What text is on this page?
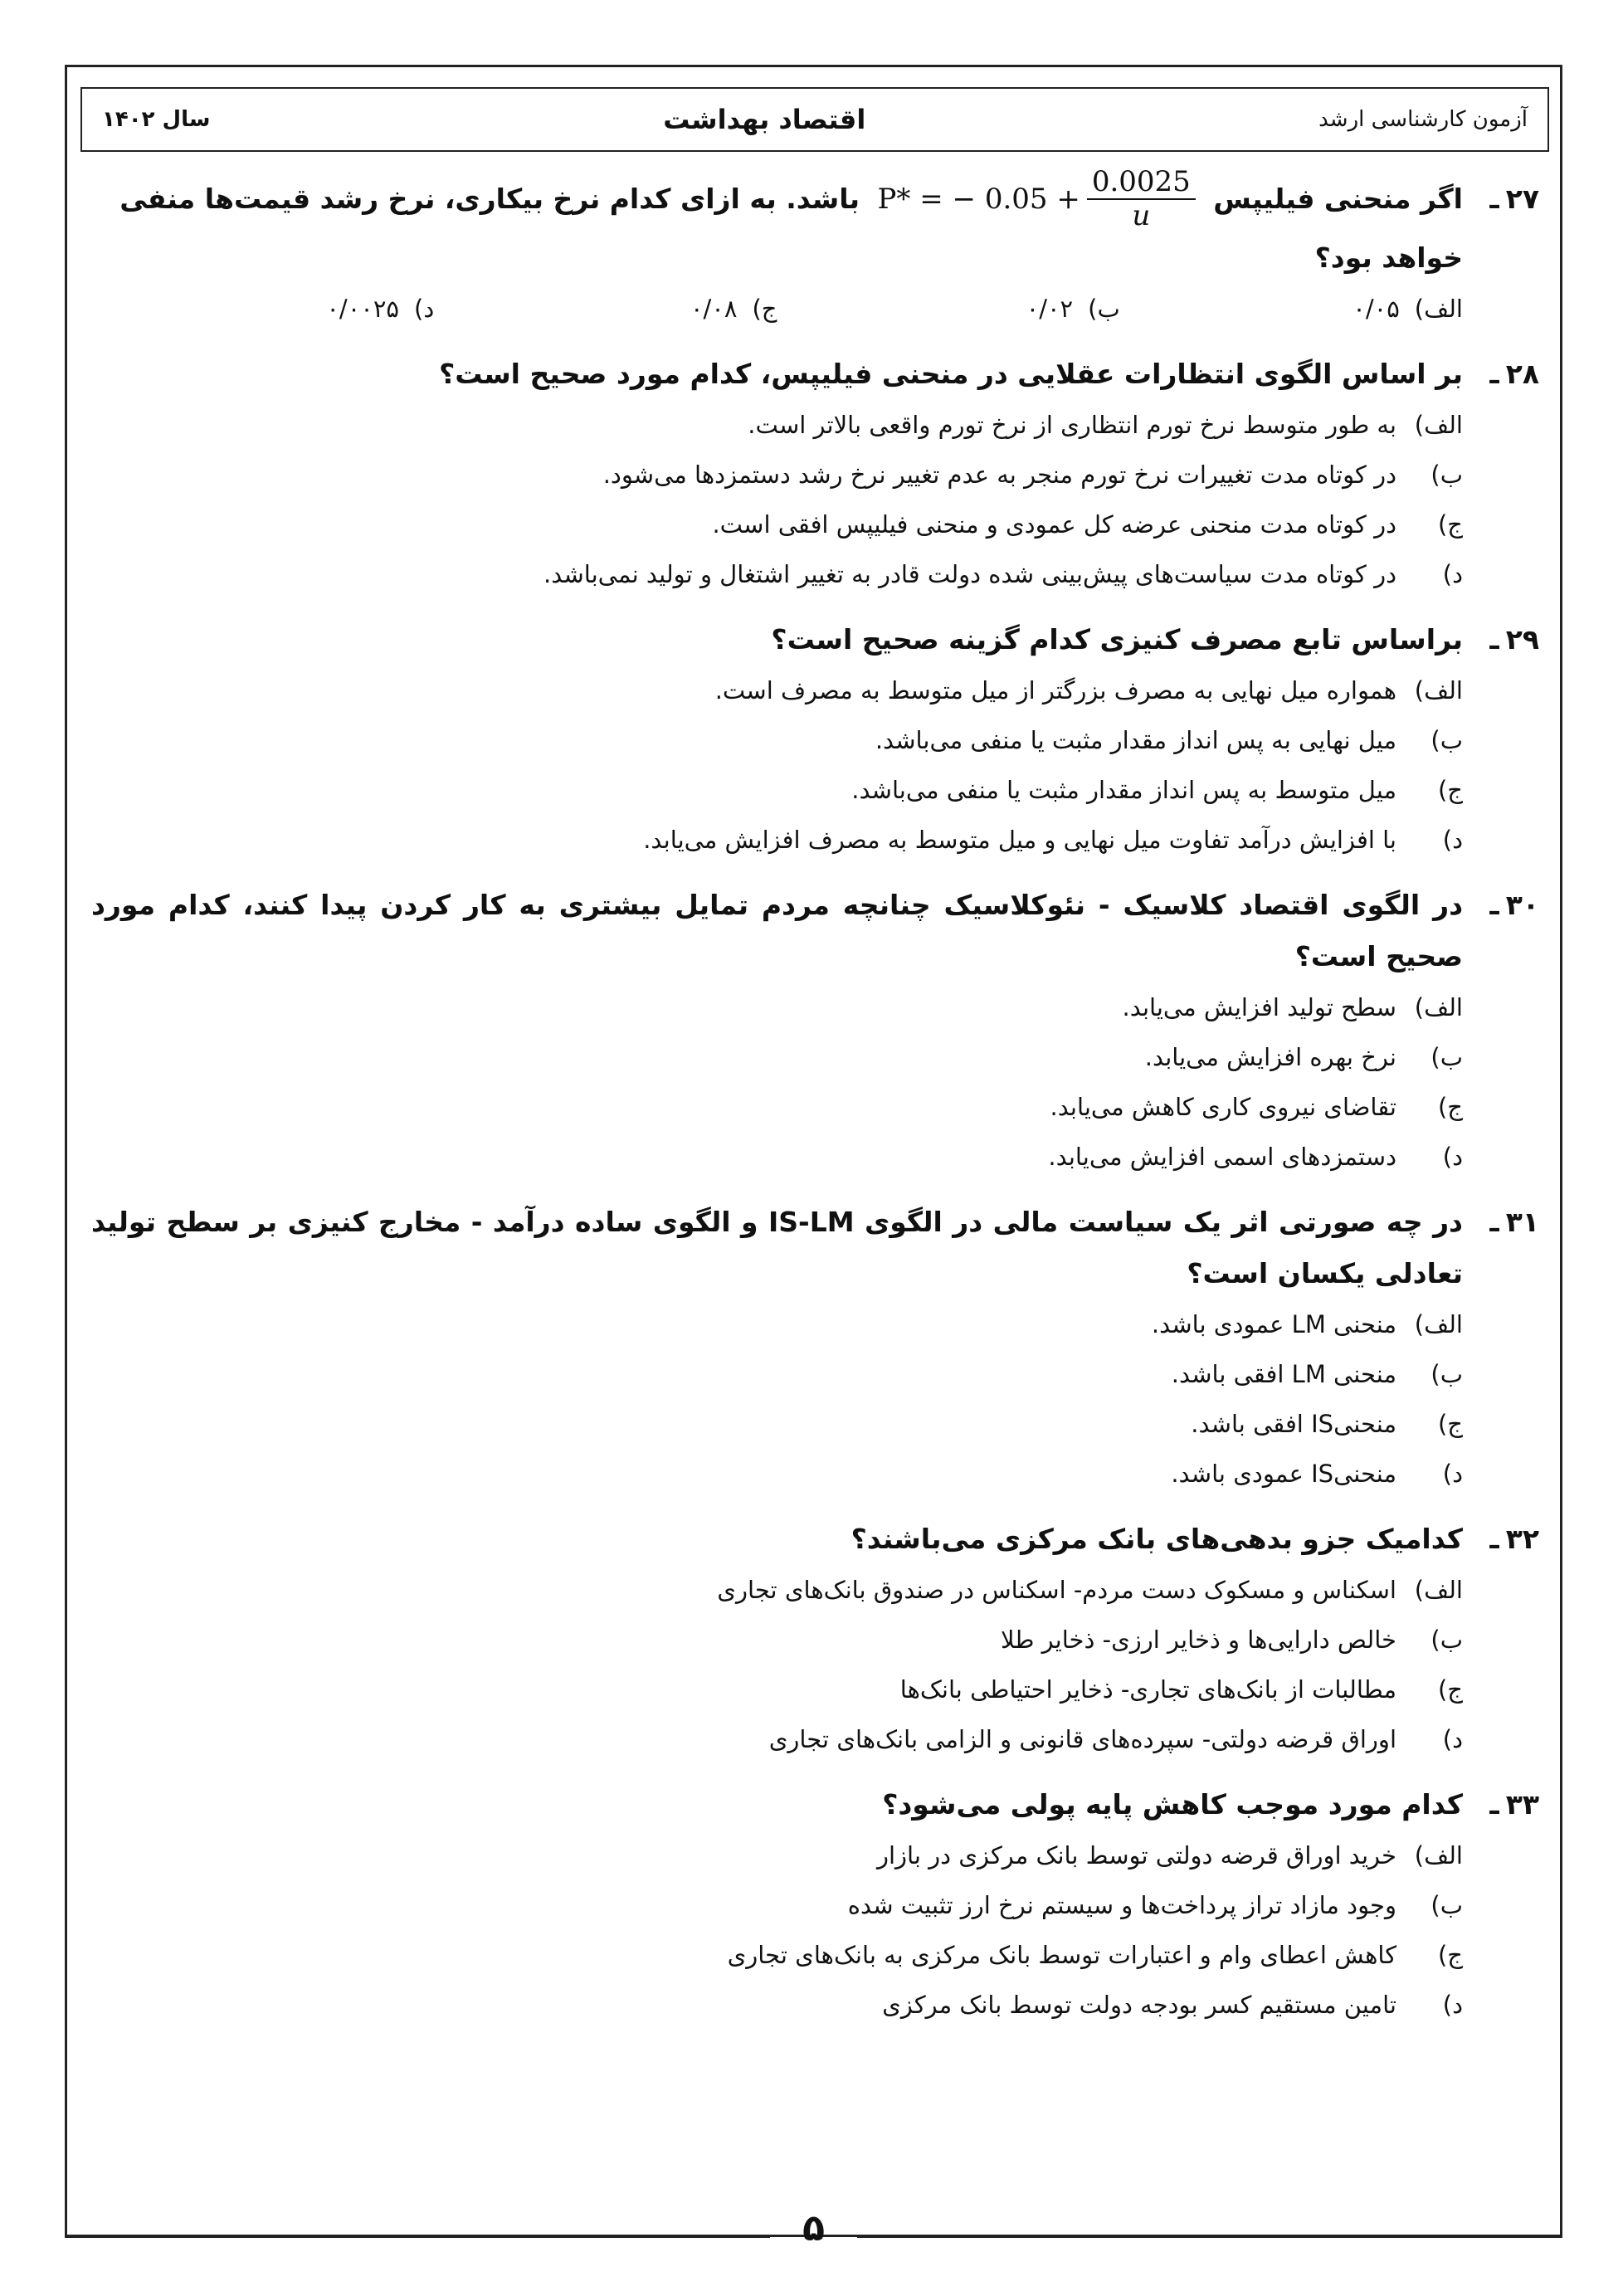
آزمون کارشناسی ارشد
اقتصاد بهداشت
سال ۱۴۰۲
۲۷ـ
اگر منحنی فیلیپس
P* = − $0.05 + \frac{0.0025}{u}$
باشد. به ازای کدام نرخ بیکاری، نرخ رشد قیمت‌ها منفی خواهد بود؟
الف)
۰/۰۵
ب)
۰/۰۲
ج)
۰/۰۸
د)
۰/۰۰۲۵
۲۸ـ
بر اساس الگوی انتظارات عقلایی در منحنی فیلیپس، کدام مورد صحیح است؟
الف)
به طور متوسط نرخ تورم انتظاری از نرخ تورم واقعی بالاتر است.
ب)
در کوتاه مدت تغییرات نرخ تورم منجر به عدم تغییر نرخ رشد دستمزدها می‌شود.
ج)
در کوتاه مدت منحنی عرضه کل عمودی و منحنی فیلیپس افقی است.
د)
در کوتاه مدت سیاست‌های پیش‌بینی شده دولت قادر به تغییر اشتغال و تولید نمی‌باشد.
۲۹ـ
براساس تابع مصرف کنیزی کدام گزینه صحیح است؟
الف)
همواره میل نهایی به مصرف بزرگتر از میل متوسط به مصرف است.
ب)
میل نهایی به پس انداز مقدار مثبت یا منفی می‌باشد.
ج)
میل متوسط به پس انداز مقدار مثبت یا منفی می‌باشد.
د)
با افزایش درآمد تفاوت میل نهایی و میل متوسط به مصرف افزایش می‌یابد.
۳۰ـ
در الگوی اقتصاد کلاسیک - نئوکلاسیک چنانچه مردم تمایل بیشتری به کار کردن پیدا کنند، کدام مورد صحیح است؟
الف)
سطح تولید افزایش می‌یابد.
ب)
نرخ بهره افزایش می‌یابد.
ج)
تقاضای نیروی کاری کاهش می‌یابد.
د)
دستمزدهای اسمی افزایش می‌یابد.
۳۱ـ
در چه صورتی اثر یک سیاست مالی در الگوی IS-LM و الگوی ساده درآمد - مخارج کنیزی بر سطح تولید تعادلی یکسان است؟
الف)
منحنی LM عمودی باشد.
ب)
منحنی LM افقی باشد.
ج)
منحنیIS افقی باشد.
د)
منحنیIS عمودی باشد.
۳۲ـ
کدامیک جزو بدهی‌های بانک مرکزی می‌باشند؟
الف)
اسکناس و مسکوک دست مردم- اسکناس در صندوق بانک‌های تجاری
ب)
خالص دارایی‌ها و ذخایر ارزی- ذخایر طلا
ج)
مطالبات از بانک‌های تجاری- ذخایر احتیاطی بانک‌ها
د)
اوراق قرضه دولتی- سپرده‌های قانونی و الزامی بانک‌های تجاری
۳۳ـ
کدام مورد موجب کاهش پایه پولی می‌شود؟
الف)
خرید اوراق قرضه دولتی توسط بانک مرکزی در بازار
ب)
وجود مازاد تراز پرداخت‌ها و سیستم نرخ ارز تثبیت شده
ج)
کاهش اعطای وام و اعتبارات توسط بانک مرکزی به بانک‌های تجاری
د)
تامین مستقیم کسر بودجه دولت توسط بانک مرکزی
۵
